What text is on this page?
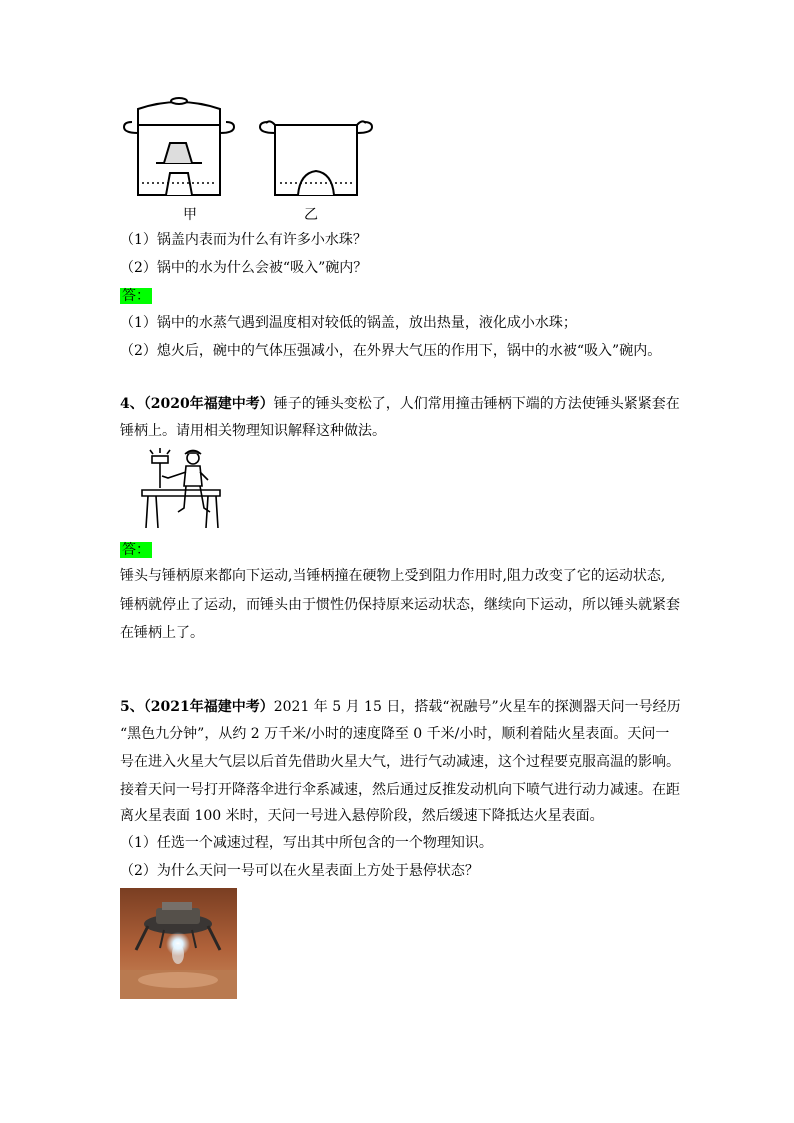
甲	乙
（1）锅盖内表而为什么有许多小水珠？
（2）锅中的水为什么会被“吸入”碗内？
答：
（1）锅中的水蒸气遇到温度相对较低的锅盖，放出热量，液化成小水珠；
（2）熄火后，碗中的气体压强减小，在外界大气压的作用下，锅中的水被“吸入”碗内。
4、（2020年福建中考）锤子的锤头变松了，人们常用撞击锤柄下端的方法使锤头紧紧套在
锤柄上。请用相关物理知识解释这种做法。
答：
锤头与锤柄原来都向下运动,当锤柄撞在硬物上受到阻力作用时,阻力改变了它的运动状态,
锤柄就停止了运动，而锤头由于惯性仍保持原来运动状态，继续向下运动，所以锤头就紧套
在锤柄上了。
5、（2021年福建中考）2021 年 5 月 15 日，搭载“祝融号”火星车的探测器天问一号经历
“黑色九分钟”，从约 2 万千米/小时的速度降至 0 千米/小时，顺利着陆火星表面。天问一
号在进入火星大气层以后首先借助火星大气，进行气动减速，这个过程要克服高温的影响。
接着天问一号打开降落伞进行伞系减速，然后通过反推发动机向下喷气进行动力减速。在距
离火星表面 100 米时，天问一号进入悬停阶段，然后缓速下降抵达火星表面。
（1）任选一个减速过程，写出其中所包含的一个物理知识。
（2）为什么天问一号可以在火星表面上方处于悬停状态？
